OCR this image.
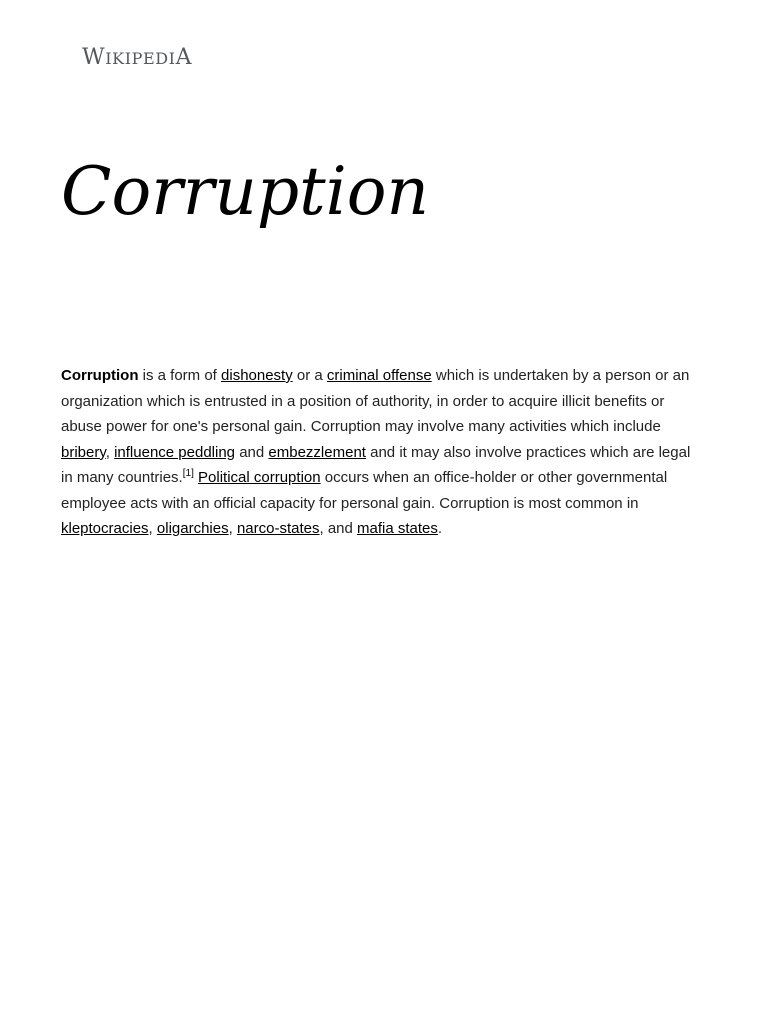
WIKIPEDIA
Corruption

Corruption is a form of dishonesty or a criminal offense which is undertaken by a person or an organization which is entrusted in a position of authority, in order to acquire illicit benefits or abuse power for one's personal gain. Corruption may involve many activities which include bribery, influence peddling and embezzlement and it may also involve practices which are legal in many countries.[1] Political corruption occurs when an office-holder or other governmental employee acts with an official capacity for personal gain. Corruption is most common in kleptocracies, oligarchies, narco-states, and mafia states.
